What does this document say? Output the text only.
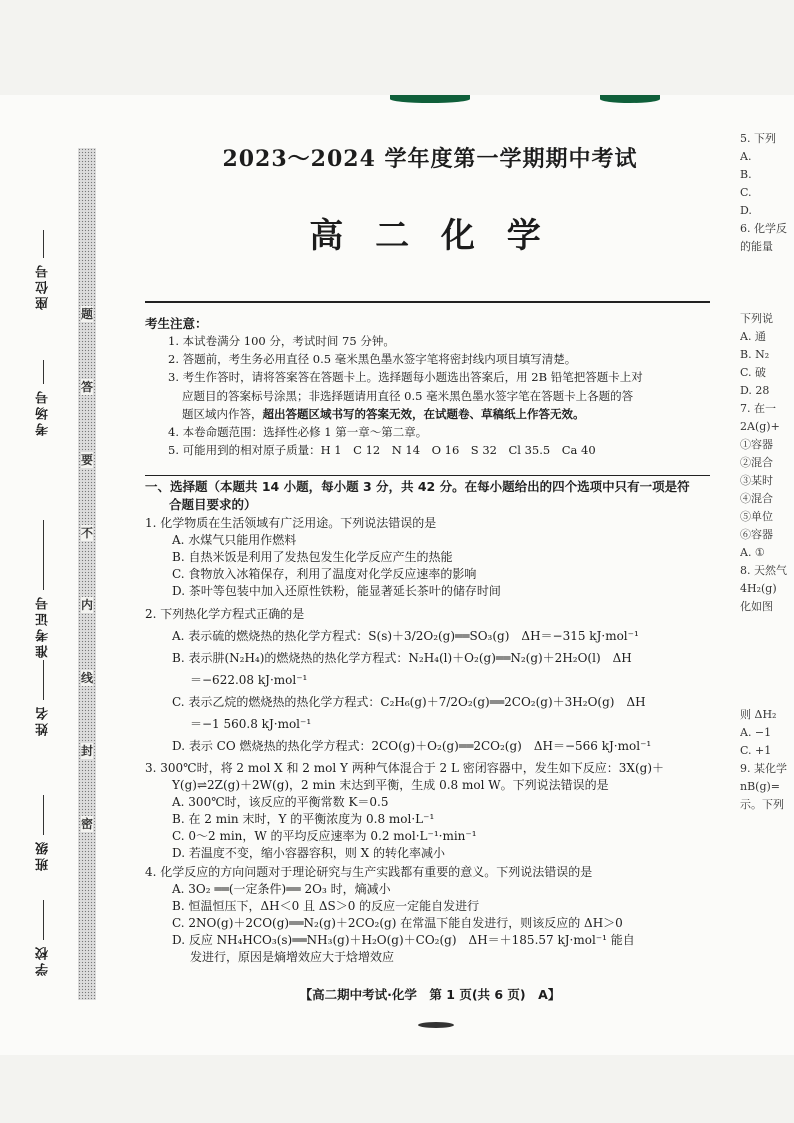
座位号
考场号
准考证号
姓名
班级
学校
题
答
要
不
内
线
封
密
5. 下列
A.
B.
C.
D.
6. 化学反
的能量

下列说
A. 通
B. N₂
C. 破
D. 28
7. 在一
2A(g)+
①容器
②混合
③某时
④混合
⑤单位
⑥容器
A. ①
8. 天然气
4H₂(g)
化如图

则 ΔH₂
A. −1
C. +1
9. 某化学
nB(g)=
示。下列
2023～2024 学年度第一学期期中考试
高 二 化 学
考生注意：

1. 本试卷满分 100 分，考试时间 75 分钟。

2. 答题前，考生务必用直径 0.5 毫米黑色墨水签字笔将密封线内项目填写清楚。

3. 考生作答时，请将答案答在答题卡上。选择题每小题选出答案后，用 2B 铅笔把答题卡上对

应题目的答案标号涂黑；非选择题请用直径 0.5 毫米黑色墨水签字笔在答题卡上各题的答

题区域内作答，超出答题区域书写的答案无效，在试题卷、草稿纸上作答无效。

4. 本卷命题范围：选择性必修 1 第一章～第二章。

5. 可能用到的相对原子质量：H 1　C 12　N 14　O 16　S 32　Cl 35.5　Ca 40

一、选择题（本题共 14 小题，每小题 3 分，共 42 分。在每小题给出的四个选项中只有一项是符
合题目要求的）

1. 化学物质在生活领域有广泛用途。下列说法错误的是

A. 水煤气只能用作燃料

B. 自热米饭是利用了发热包发生化学反应产生的热能

C. 食物放入冰箱保存，利用了温度对化学反应速率的影响

D. 茶叶等包装中加入还原性铁粉，能显著延长茶叶的储存时间

2. 下列热化学方程式正确的是

A. 表示硫的燃烧热的热化学方程式：S(s)＋3/2O₂(g)══SO₃(g)　ΔH＝−315 kJ·mol⁻¹

B. 表示肼(N₂H₄)的燃烧热的热化学方程式：N₂H₄(l)＋O₂(g)══N₂(g)＋2H₂O(l)　ΔH

＝−622.08 kJ·mol⁻¹

C. 表示乙烷的燃烧热的热化学方程式：C₂H₆(g)＋7/2O₂(g)══2CO₂(g)＋3H₂O(g)　ΔH

＝−1 560.8 kJ·mol⁻¹

D. 表示 CO 燃烧热的热化学方程式：2CO(g)＋O₂(g)══2CO₂(g)　ΔH＝−566 kJ·mol⁻¹

3. 300℃时，将 2 mol X 和 2 mol Y 两种气体混合于 2 L 密闭容器中，发生如下反应：3X(g)＋

Y(g)⇌2Z(g)＋2W(g)，2 min 末达到平衡，生成 0.8 mol W。下列说法错误的是

A. 300℃时，该反应的平衡常数 K＝0.5

B. 在 2 min 末时，Y 的平衡浓度为 0.8 mol·L⁻¹

C. 0～2 min，W 的平均反应速率为 0.2 mol·L⁻¹·min⁻¹

D. 若温度不变，缩小容器容积，则 X 的转化率减小

4. 化学反应的方向问题对于理论研究与生产实践都有重要的意义。下列说法错误的是

A. 3O₂ ══(一定条件)══ 2O₃ 时，熵减小

B. 恒温恒压下，ΔH＜0 且 ΔS＞0 的反应一定能自发进行

C. 2NO(g)＋2CO(g)══N₂(g)＋2CO₂(g) 在常温下能自发进行，则该反应的 ΔH＞0

D. 反应 NH₄HCO₃(s)══NH₃(g)＋H₂O(g)＋CO₂(g)　ΔH＝＋185.57 kJ·mol⁻¹ 能自

发进行，原因是熵增效应大于焓增效应

【高二期中考试·化学　第 1 页(共 6 页)　A】
